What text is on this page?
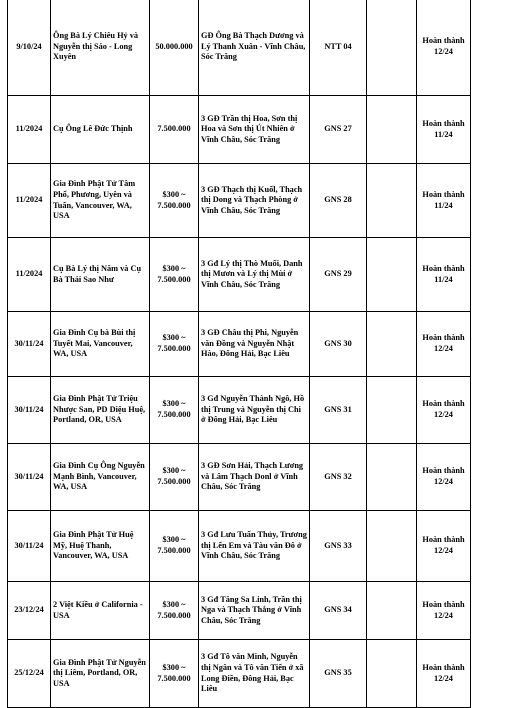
9/10/24	Ông Bà Lý Chiêu Hỷ và Nguyễn thị Sáo - Long Xuyên	50.000.000	GĐ Ông Bà Thạch Dương và Lý Thanh Xuân - Vĩnh Châu, Sóc Trăng	NTT 04		Hoàn thành 12/24
11/2024	Cụ Ông Lê Đức Thịnh	7.500.000	3 GĐ Trần thị Hoa, Sơn thị Hoa và Sơn thị Út Nhiên ở Vĩnh Châu, Sóc Trăng	GNS 27		Hoàn thành 11/24
11/2024	Gia Đình Phật Tử Tâm Phổ, Phương, Uyên và Tuấn, Vancouver, WA, USA	$300 ~ 7.500.000	3 GĐ Thạch thị Kuốl, Thạch thị Dong và Thạch Phòng ở Vĩnh Châu, Sóc Trăng	GNS 28		Hoàn thành 11/24
11/2024	Cụ Bà Lý thị Năm và Cụ Bà Thái Sao Như	$300 ~ 7.500.000	3 Gđ Lý thị Thò Muối, Danh thị Mươn và Lý thị Mùi ở Vĩnh Châu, Sóc Trăng	GNS 29		Hoàn thành 11/24
30/11/24	Gia Đình Cụ bà Bùi thị Tuyết Mai, Vancouver, WA, USA	$300 ~ 7.500.000	3 GĐ Châu thị Phi, Nguyễn văn Đồng và Nguyễn Nhật Hào, Đông Hải, Bạc Liêu	GNS 30		Hoàn thành 12/24
30/11/24	Gia Đình Phật Tử Triệu Nhược San, PD Diệu Huệ, Portland, OR, USA	$300 ~ 7.500.000	3 Gđ Nguyễn Thành Ngô, Hồ thị Trung và Nguyễn thị Chi ở Đông Hải, Bạc Liêu	GNS 31		Hoàn thành 12/24
30/11/24	Gia Đình Cụ Ông Nguyễn Mạnh Bình, Vancouver, WA, USA	$300 ~ 7.500.000	3 GĐ Sơn Hải, Thạch Lương và Lâm Thạch Donl ở Vĩnh Châu, Sóc Trăng	GNS 32		Hoàn thành 12/24
30/11/24	Gia Đình Phật Tử Huệ Mỹ, Huệ Thanh, Vancouver, WA, USA	$300 ~ 7.500.000	3 Gđ Lưu Tuấn Thủy, Trương thị Lến Em và Tàu văn Đô ở Vĩnh Châu, Sóc Trăng	GNS 33		Hoàn thành 12/24
23/12/24	2 Việt Kiều ở California - USA	$300 ~ 7.500.000	3 Gđ Tăng Sa Linh, Trần thị Nga và Thạch Thắng ở Vĩnh Châu, Sóc Trăng	GNS 34		Hoàn thành 12/24
25/12/24	Gia Đình Phật Tử Nguyễn thị Liêm, Portland, OR, USA	$300 ~ 7.500.000	3 Gđ Tô văn Minh, Nguyễn thị Ngân và Tô văn Tiến ở xã Long Điền, Đông Hải, Bạc Liêu	GNS 35		Hoàn thành 12/24
